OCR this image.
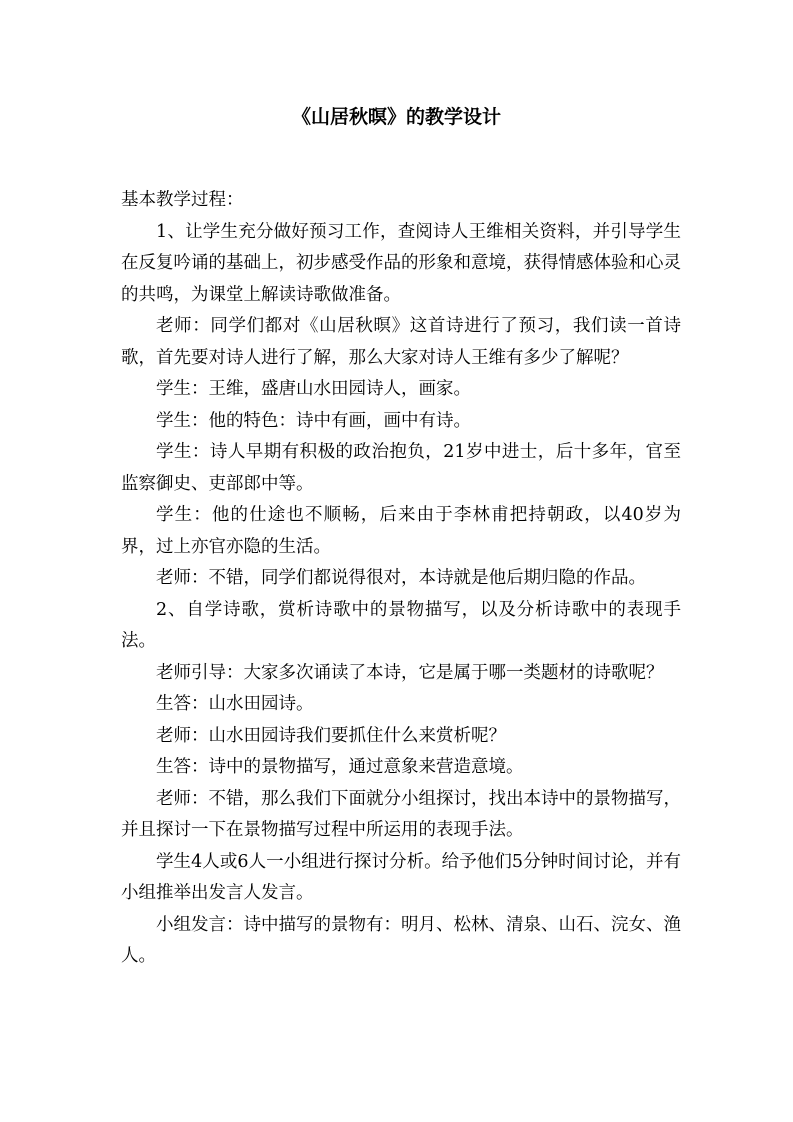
《山居秋暝》的教学设计

基本教学过程：

1、让学生充分做好预习工作，查阅诗人王维相关资料，并引导学生在反复吟诵的基础上，初步感受作品的形象和意境，获得情感体验和心灵的共鸣，为课堂上解读诗歌做准备。

老师：同学们都对《山居秋暝》这首诗进行了预习，我们读一首诗歌，首先要对诗人进行了解，那么大家对诗人王维有多少了解呢？

学生：王维，盛唐山水田园诗人，画家。

学生：他的特色：诗中有画，画中有诗。

学生：诗人早期有积极的政治抱负，21岁中进士，后十多年，官至监察御史、吏部郎中等。

学生：他的仕途也不顺畅，后来由于李林甫把持朝政，以40岁为界，过上亦官亦隐的生活。

老师：不错，同学们都说得很对，本诗就是他后期归隐的作品。

2、自学诗歌，赏析诗歌中的景物描写，以及分析诗歌中的表现手法。

老师引导：大家多次诵读了本诗，它是属于哪一类题材的诗歌呢？

生答：山水田园诗。

老师：山水田园诗我们要抓住什么来赏析呢？

生答：诗中的景物描写，通过意象来营造意境。

老师：不错，那么我们下面就分小组探讨，找出本诗中的景物描写，并且探讨一下在景物描写过程中所运用的表现手法。

学生4人或6人一小组进行探讨分析。给予他们5分钟时间讨论，并有小组推举出发言人发言。

小组发言：诗中描写的景物有：明月、松林、清泉、山石、浣女、渔人。
